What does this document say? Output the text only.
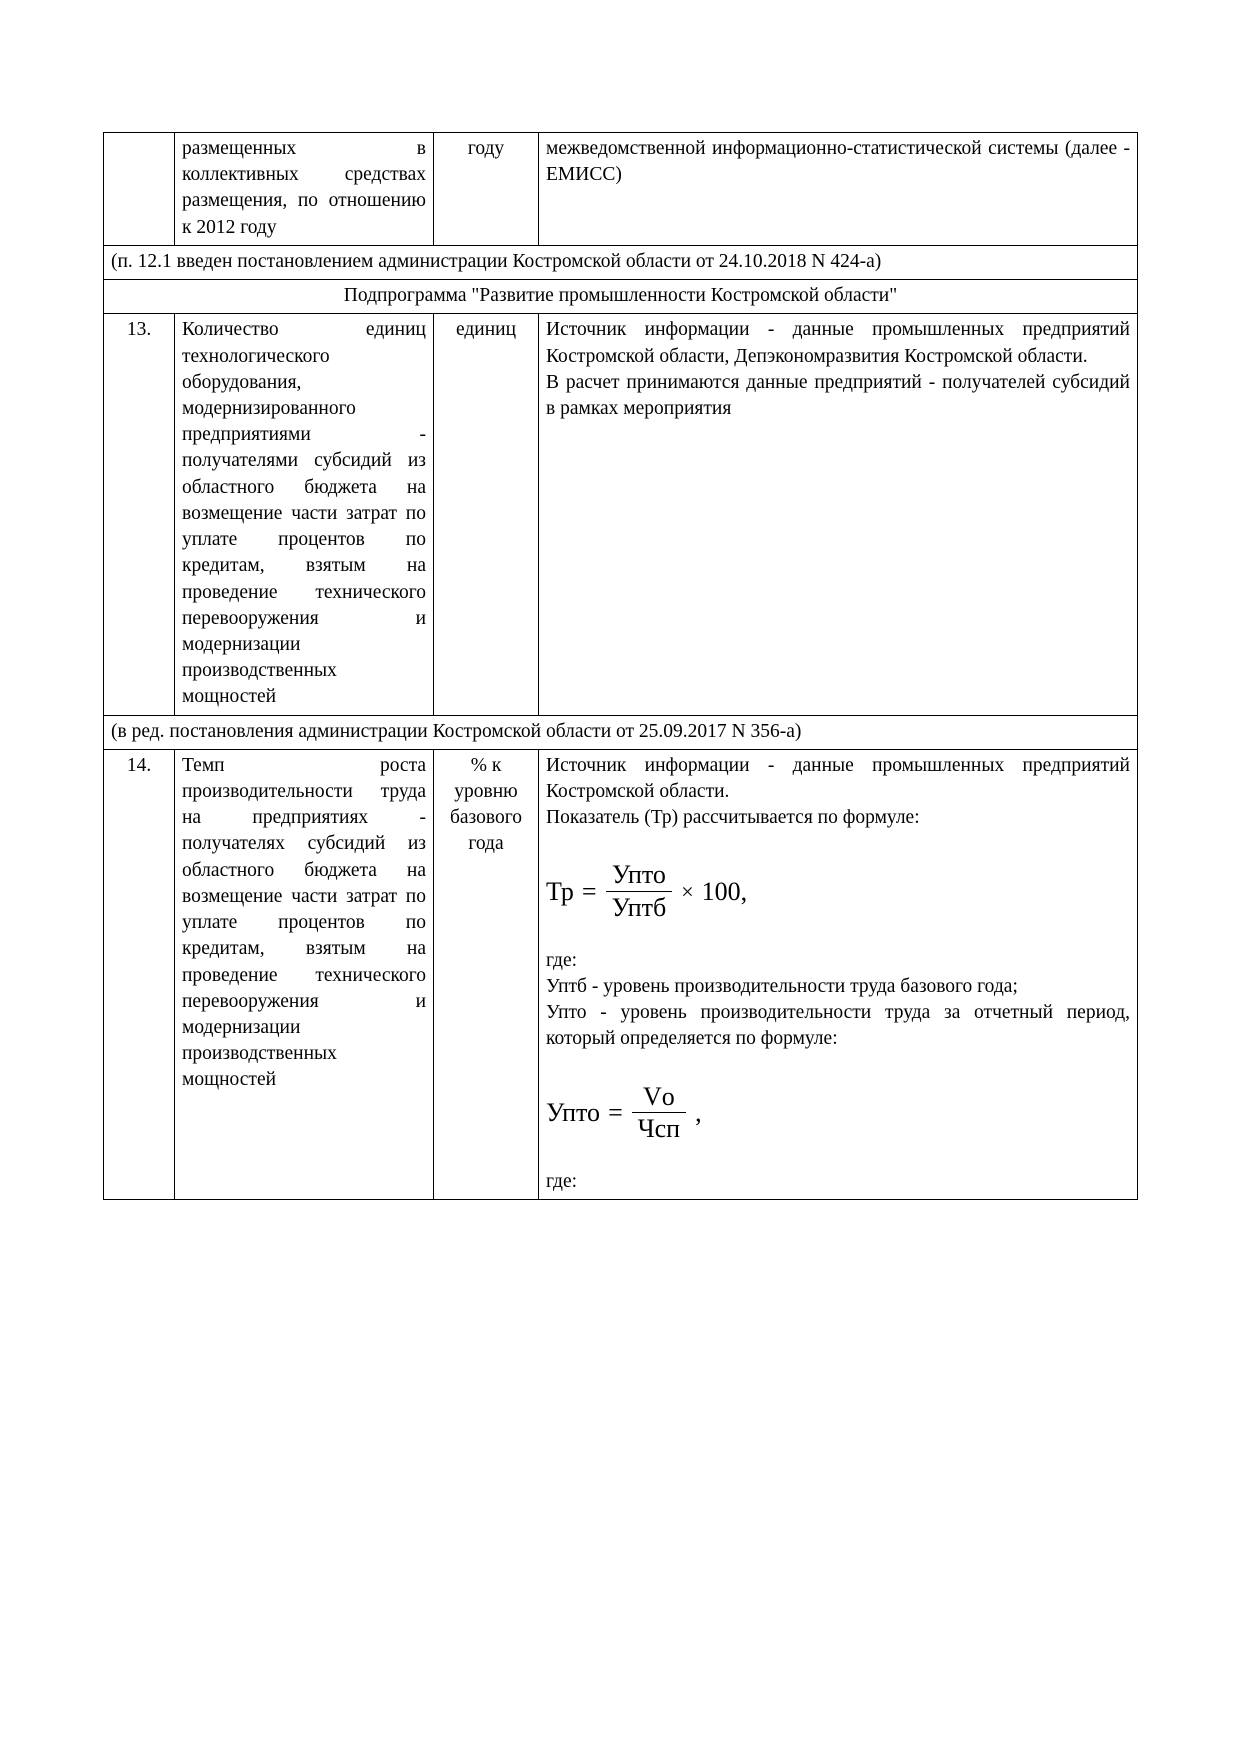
	размещенных в коллективных средствах размещения, по отношению к 2012 году	году	межведомственной информационно-статистической системы (далее - ЕМИСС)
(п. 12.1 введен постановлением администрации Костромской области от 24.10.2018 N 424-а)			
Подпрограмма "Развитие промышленности Костромской области"			
13.	Количество единиц технологического оборудования, модернизированного предприятиями - получателями субсидий из областного бюджета на возмещение части затрат по уплате процентов по кредитам, взятым на проведение технического перевооружения и модернизации производственных мощностей	единиц	Источник информации - данные промышленных предприятий Костромской области, Депэкономразвития Костромской области.

В расчет принимаются данные предприятий - получателей субсидий в рамках мероприятия

(в ред. постановления администрации Костромской области от 25.09.2017 N 356-а)			
14.	Темп роста производительности труда на предприятиях - получателях субсидий из областного бюджета на возмещение части затрат по уплате процентов по кредитам, взятым на проведение технического перевооружения и модернизации производственных мощностей	% к уровню базового года	

Источник информации - данные промышленных предприятий Костромской области.

Показатель (Тр) рассчитывается по формуле:

Тр = $\frac{\text{Упто}}{\text{Уптб}} \times 100$,

где:

Уптб - уровень производительности труда базового года;

Упто - уровень производительности труда за отчетный период, который определяется по формуле:

Упто = $\frac{Vо}{\text{Чсп}}$ ,

где:
